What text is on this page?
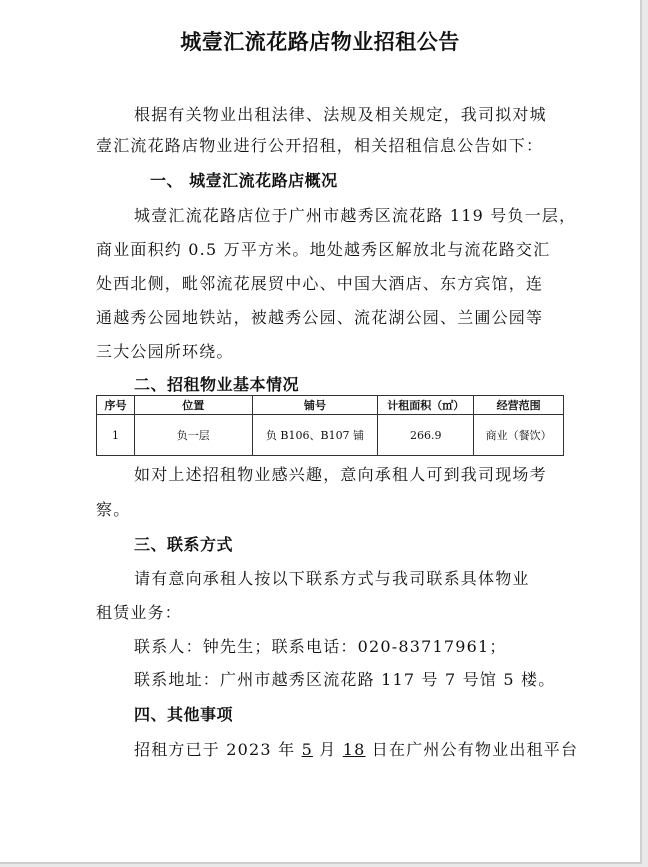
城壹汇流花路店物业招租公告
根据有关物业出租法律、法规及相关规定，我司拟对城
壹汇流花路店物业进行公开招租，相关招租信息公告如下：
一、 城壹汇流花路店概况
城壹汇流花路店位于广州市越秀区流花路 119 号负一层，
商业面积约 0.5 万平方米。地处越秀区解放北与流花路交汇
处西北侧，毗邻流花展贸中心、中国大酒店、东方宾馆，连
通越秀公园地铁站，被越秀公园、流花湖公园、兰圃公园等
三大公园所环绕。
二、招租物业基本情况
序号	位置	铺号	计租面积（㎡）	经营范围
1	负一层	负 B106、B107 铺	266.9	商业（餐饮）
如对上述招租物业感兴趣，意向承租人可到我司现场考
察。
三、联系方式
请有意向承租人按以下联系方式与我司联系具体物业
租赁业务：
联系人：钟先生；联系电话：020-83717961；
联系地址：广州市越秀区流花路 117 号 7 号馆 5 楼。
四、其他事项
招租方已于 2023 年 5 月 18 日在广州公有物业出租平台
